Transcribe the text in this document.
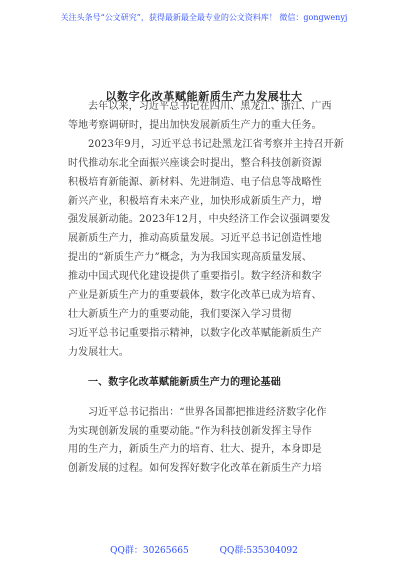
关注头条号“公文研究”，获得最新最全最专业的公文资料库！ 微信：gongwenyj
以数字化改革赋能新质生产力发展壮大
去年以来，习近平总书记在四川、黑龙江、浙江、广西
等地考察调研时，提出加快发展新质生产力的重大任务。
2023年9月，习近平总书记赴黑龙江省考察并主持召开新
时代推动东北全面振兴座谈会时提出，整合科技创新资源
积极培育新能源、新材料、先进制造、电子信息等战略性
新兴产业，积极培育未来产业，加快形成新质生产力，增
强发展新动能。2023年12月，中央经济工作会议强调要发
展新质生产力，推动高质量发展。习近平总书记创造性地
提出的“新质生产力”概念，为为我国实现高质量发展、
推动中国式现代化建设提供了重要指引。数字经济和数字
产业是新质生产力的重要载体，数字化改革已成为培育、
壮大新质生产力的重要动能，我们要深入学习贯彻
习近平总书记重要指示精神，以数字化改革赋能新质生产
力发展壮大。
一、数字化改革赋能新质生产力的理论基础
习近平总书记指出：“世界各国都把推进经济数字化作
为实现创新发展的重要动能。”作为科技创新发挥主导作
用的生产力，新质生产力的培育、壮大、提升，本身即是
创新发展的过程。如何发挥好数字化改革在新质生产力培
QQ群：30265665	QQ群:535304092
